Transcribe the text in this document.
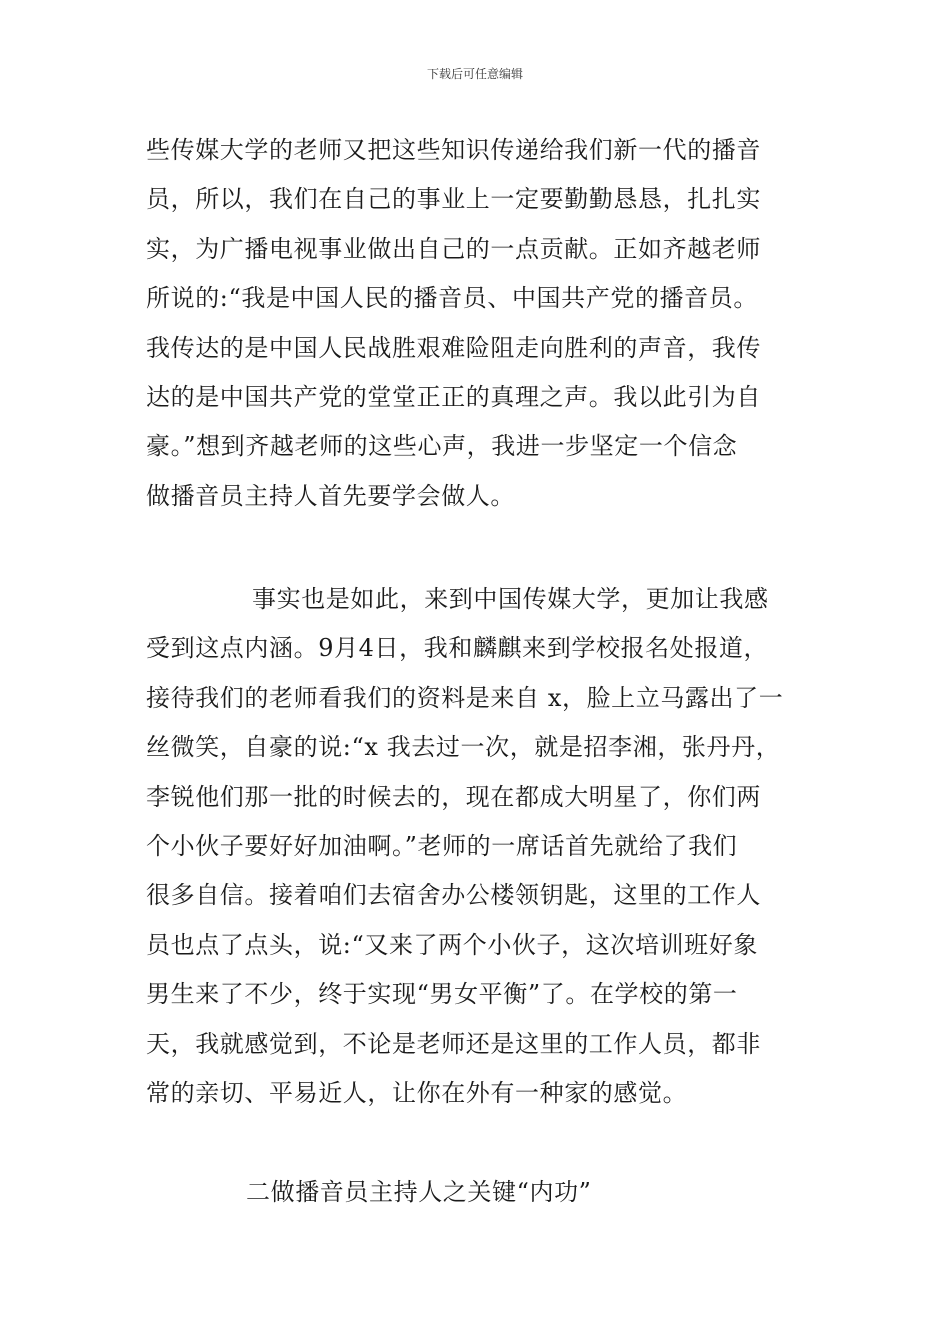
下载后可任意编辑
些传媒大学的老师又把这些知识传递给我们新一代的播音
员，所以，我们在自己的事业上一定要勤勤恳恳，扎扎实
实，为广播电视事业做出自己的一点贡献。正如齐越老师
所说的:“我是中国人民的播音员、中国共产党的播音员。
我传达的是中国人民战胜艰难险阻走向胜利的声音，我传
达的是中国共产党的堂堂正正的真理之声。我以此引为自
豪。”想到齐越老师的这些心声，我进一步坚定一个信念
做播音员主持人首先要学会做人。
事实也是如此，来到中国传媒大学，更加让我感
受到这点内涵。9月4日，我和麟麒来到学校报名处报道，
接待我们的老师看我们的资料是来自 x，脸上立马露出了一
丝微笑，自豪的说:“x 我去过一次，就是招李湘，张丹丹，
李锐他们那一批的时候去的，现在都成大明星了，你们两
个小伙子要好好加油啊。”老师的一席话首先就给了我们
很多自信。接着咱们去宿舍办公楼领钥匙，这里的工作人
员也点了点头，说:“又来了两个小伙子，这次培训班好象
男生来了不少，终于实现“男女平衡”了。在学校的第一
天，我就感觉到，不论是老师还是这里的工作人员，都非
常的亲切、平易近人，让你在外有一种家的感觉。
二做播音员主持人之关键“内功”
